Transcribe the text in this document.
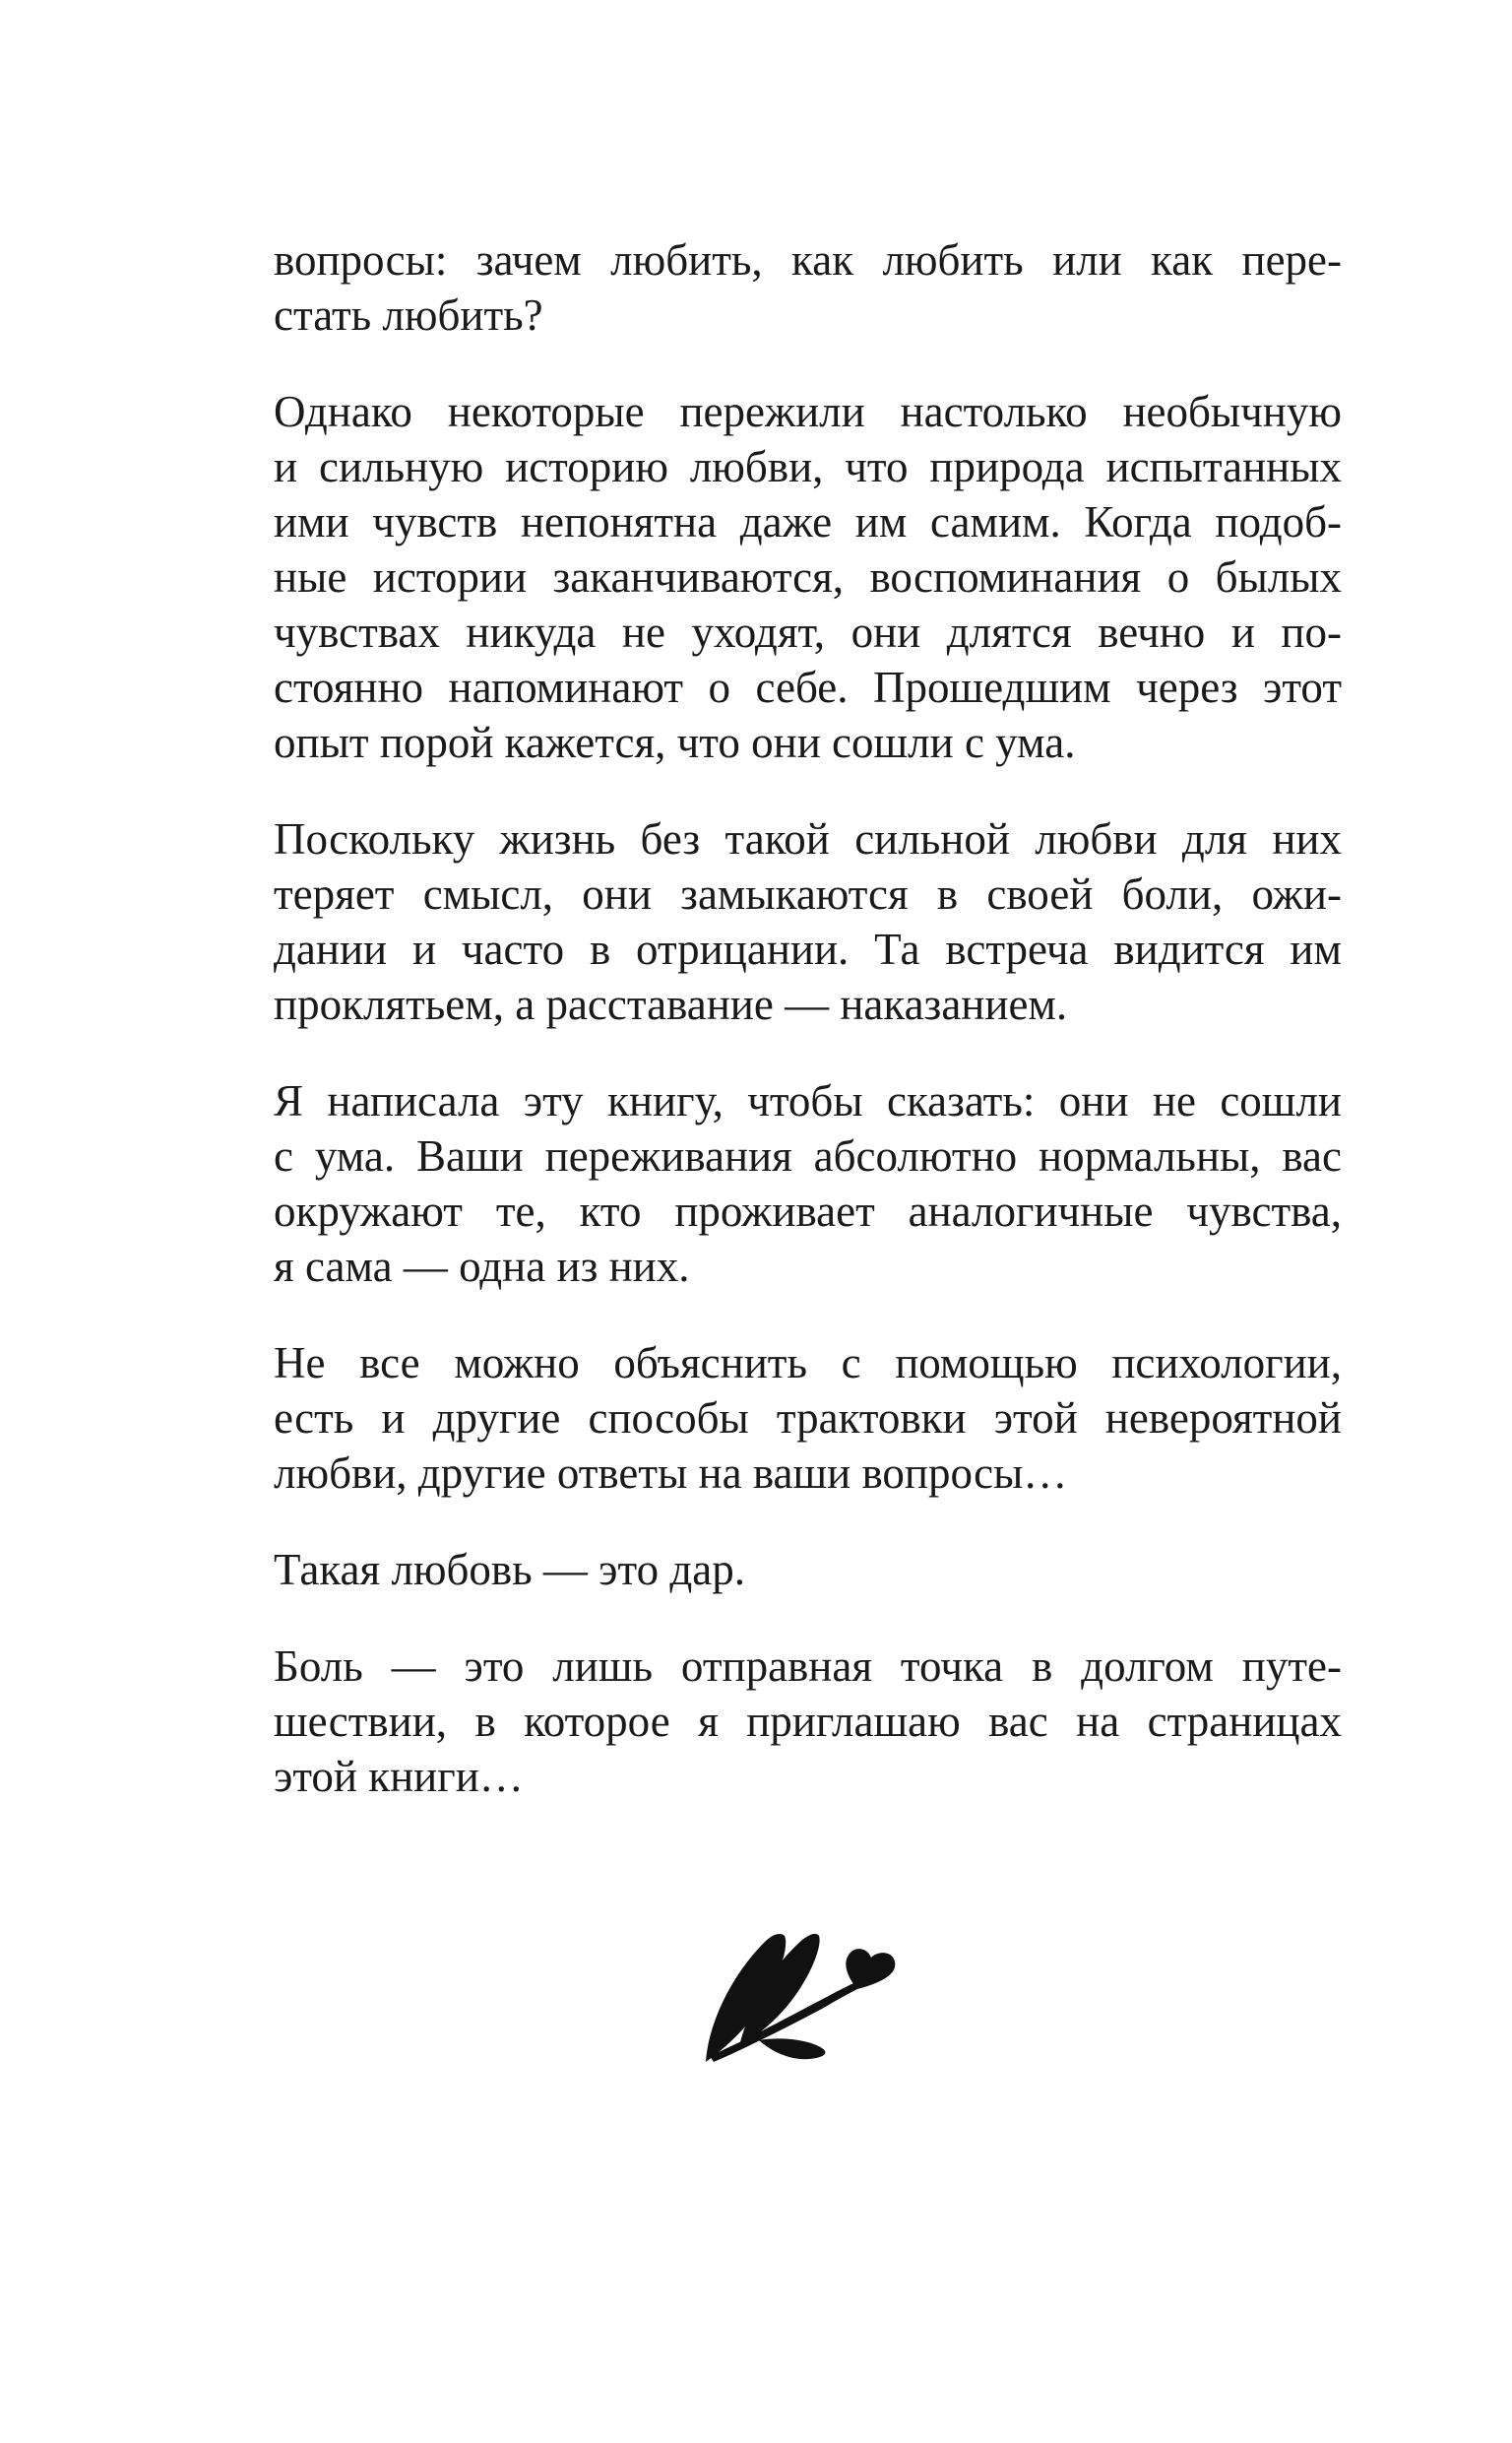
вопросы: зачем любить, как любить или как пере-
стать любить?

Однако некоторые пережили настолько необычную
и сильную историю любви, что природа испытанных
ими чувств непонятна даже им самим. Когда подоб-
ные истории заканчиваются, воспоминания о былых
чувствах никуда не уходят, они длятся вечно и по-
стоянно напоминают о себе. Прошедшим через этот
опыт порой кажется, что они сошли с ума.

Поскольку жизнь без такой сильной любви для них
теряет смысл, они замыкаются в своей боли, ожи-
дании и часто в отрицании. Та встреча видится им
проклятьем, а расставание — наказанием.

Я написала эту книгу, чтобы сказать: они не сошли
с ума. Ваши переживания абсолютно нормальны, вас
окружают те, кто проживает аналогичные чувства,
я сама — одна из них.

Не все можно объяснить с помощью психологии,
есть и другие способы трактовки этой невероятной
любви, другие ответы на ваши вопросы…

Такая любовь — это дар.

Боль — это лишь отправная точка в долгом путе-
шествии, в которое я приглашаю вас на страницах
этой книги…
